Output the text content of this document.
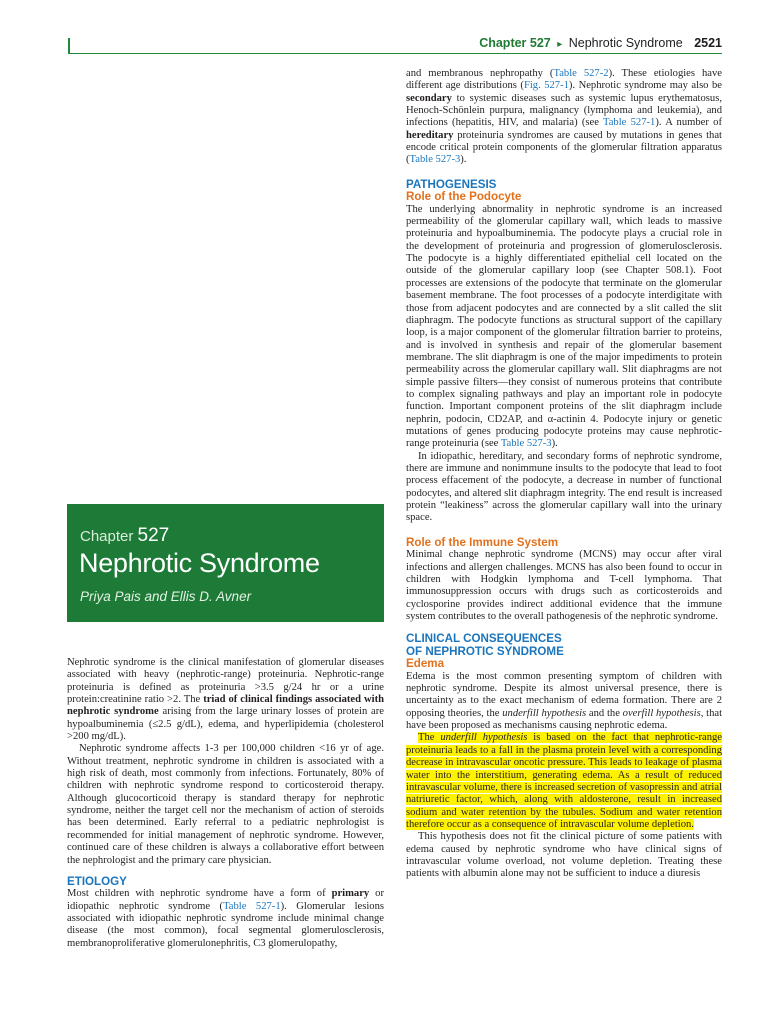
Chapter 527 ▸ Nephrotic Syndrome 2521
Chapter 527
Nephrotic Syndrome
Priya Pais and Ellis D. Avner

Nephrotic syndrome is the clinical manifestation of glomerular diseases associated with heavy (nephrotic-range) proteinuria. Nephrotic-range proteinuria is defined as proteinuria >3.5 g/24 hr or a urine protein:creatinine ratio >2. The triad of clinical findings associated with nephrotic syndrome arising from the large urinary losses of protein are hypoalbuminemia (≤2.5 g/dL), edema, and hyperlipidemia (cholesterol >200 mg/dL).

Nephrotic syndrome affects 1-3 per 100,000 children <16 yr of age. Without treatment, nephrotic syndrome in children is associated with a high risk of death, most commonly from infections. Fortunately, 80% of children with nephrotic syndrome respond to corticosteroid therapy. Although glucocorticoid therapy is standard therapy for nephrotic syndrome, neither the target cell nor the mechanism of action of steroids has been determined. Early referral to a pediatric nephrologist is recommended for initial management of nephrotic syndrome. However, continued care of these children is always a collaborative effort between the nephrologist and the primary care physician.

ETIOLOGY

Most children with nephrotic syndrome have a form of primary or idiopathic nephrotic syndrome (Table 527-1). Glomerular lesions associated with idiopathic nephrotic syndrome include minimal change disease (the most common), focal segmental glomerulosclerosis, membranoproliferative glomerulonephritis, C3 glomerulopathy,

and membranous nephropathy (Table 527-2). These etiologies have different age distributions (Fig. 527-1). Nephrotic syndrome may also be secondary to systemic diseases such as systemic lupus erythematosus, Henoch-Schönlein purpura, malignancy (lymphoma and leukemia), and infections (hepatitis, HIV, and malaria) (see Table 527-1). A number of hereditary proteinuria syndromes are caused by mutations in genes that encode critical protein components of the glomerular filtration apparatus (Table 527-3).

PATHOGENESIS
Role of the Podocyte

The underlying abnormality in nephrotic syndrome is an increased permeability of the glomerular capillary wall, which leads to massive proteinuria and hypoalbuminemia. The podocyte plays a crucial role in the development of proteinuria and progression of glomerulosclerosis. The podocyte is a highly differentiated epithelial cell located on the outside of the glomerular capillary loop (see Chapter 508.1). Foot processes are extensions of the podocyte that terminate on the glomerular basement membrane. The foot processes of a podocyte interdigitate with those from adjacent podocytes and are connected by a slit called the slit diaphragm. The podocyte functions as structural support of the capillary loop, is a major component of the glomerular filtration barrier to proteins, and is involved in synthesis and repair of the glomerular basement membrane. The slit diaphragm is one of the major impediments to protein permeability across the glomerular capillary wall. Slit diaphragms are not simple passive filters—they consist of numerous proteins that contribute to complex signaling pathways and play an important role in podocyte function. Important component proteins of the slit diaphragm include nephrin, podocin, CD2AP, and α-actinin 4. Podocyte injury or genetic mutations of genes producing podocyte proteins may cause nephrotic-range proteinuria (see Table 527-3).

In idiopathic, hereditary, and secondary forms of nephrotic syndrome, there are immune and nonimmune insults to the podocyte that lead to foot process effacement of the podocyte, a decrease in number of functional podocytes, and altered slit diaphragm integrity. The end result is increased protein “leakiness” across the glomerular capillary wall into the urinary space.

Role of the Immune System

Minimal change nephrotic syndrome (MCNS) may occur after viral infections and allergen challenges. MCNS has also been found to occur in children with Hodgkin lymphoma and T-cell lymphoma. That immunosuppression occurs with drugs such as corticosteroids and cyclosporine provides indirect additional evidence that the immune system contributes to the overall pathogenesis of the nephrotic syndrome.

CLINICAL CONSEQUENCES
OF NEPHROTIC SYNDROME
Edema

Edema is the most common presenting symptom of children with nephrotic syndrome. Despite its almost universal presence, there is uncertainty as to the exact mechanism of edema formation. There are 2 opposing theories, the underfill hypothesis and the overfill hypothesis, that have been proposed as mechanisms causing nephrotic edema.

The underfill hypothesis is based on the fact that nephrotic-range proteinuria leads to a fall in the plasma protein level with a corresponding decrease in intravascular oncotic pressure. This leads to leakage of plasma water into the interstitium, generating edema. As a result of reduced intravascular volume, there is increased secretion of vasopressin and atrial natriuretic factor, which, along with aldosterone, result in increased sodium and water retention by the tubules. Sodium and water retention therefore occur as a consequence of intravascular volume depletion.

This hypothesis does not fit the clinical picture of some patients with edema caused by nephrotic syndrome who have clinical signs of intravascular volume overload, not volume depletion. Treating these patients with albumin alone may not be sufficient to induce a diuresis
